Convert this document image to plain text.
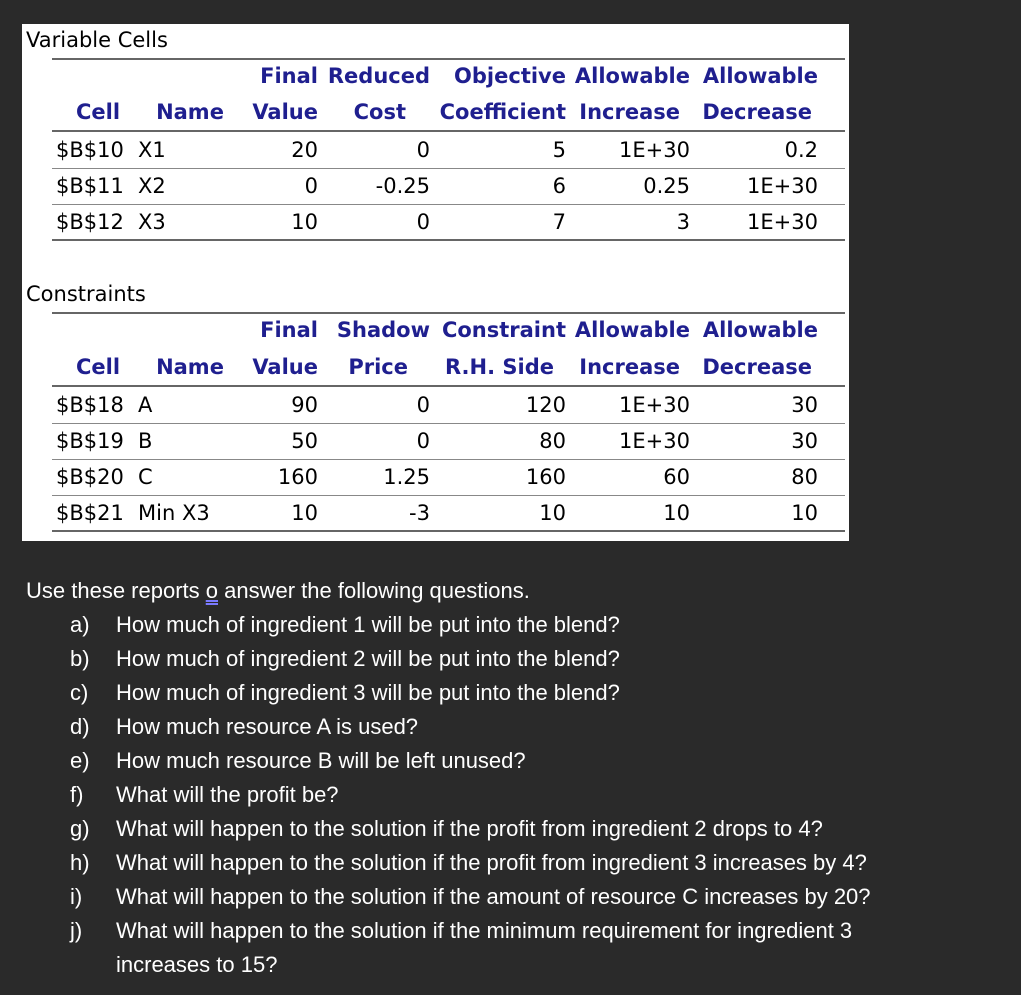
Variable Cells
Final Reduced	Objective Allowable Allowable
Cell	Name	Value	Cost	Coefficient Increase	Decrease
$B$10 X1	20	0	5	1E+30	0.2
$B$11 X2	0	-0.25	6	0.25	1E+30
$B$12 X3	10	0	7	3	1E+30
Constraints
Final Shadow Constraint Allowable Allowable
Cell	Name	Value	Price	R.H. Side	Increase	Decrease
$B$18 A	90	0	120	1E+30	30
$B$19 B	50	0	80	1E+30	30
$B$20 C	160	1.25	160	60	80
$B$21 Min X3	10	-3	10	10	10
Use these reports o answer the following questions.
a) How much of ingredient 1 will be put into the blend?
b) How much of ingredient 2 will be put into the blend?
c) How much of ingredient 3 will be put into the blend?
d) How much resource A is used?
e) How much resource B will be left unused?
f) What will the profit be?
g) What will happen to the solution if the profit from ingredient 2 drops to 4?
h) What will happen to the solution if the profit from ingredient 3 increases by 4?
i) What will happen to the solution if the amount of resource C increases by 20?
j) What will happen to the solution if the minimum requirement for ingredient 3
increases to 15?
